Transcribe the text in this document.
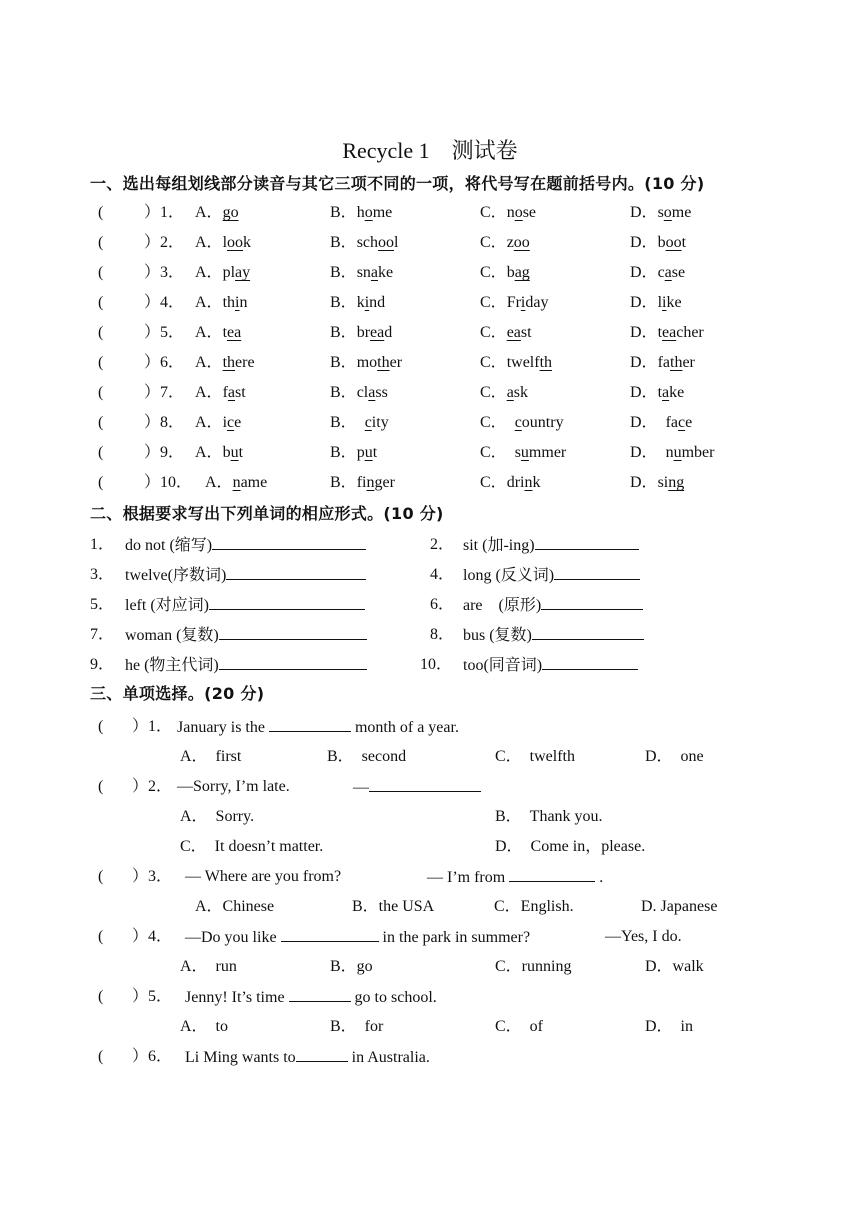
Recycle 1　测试卷
一、选出每组划线部分读音与其它三项不同的一项，将代号写在题前括号内。(10 分)
(	）1． A．go	B．home	C．nose	D．some
(	）2． A．look	B．school	C．zoo	D．boot
(	）3． A．play	B．snake	C．bag	D．case
(	）4． A．thin	B．kind	C．Friday	D．like
(	）5． A．tea	B．bread	C．east	D．teacher
(	）6． A．there	B．mother	C．twelfth	D．father
(	）7． A．fast	B．class	C．ask	D．take
(	）8． A．ice	B． city	C． country	D．  face
(	）9． A．but	B．put	C．  summer	D．  number
(	）10． A．name	B．finger	C．drink	D．sing
二、根据要求写出下列单词的相应形式。(10 分)
1． do not (缩写)	2． sit (加-ing)
3． twelve(序数词)	4． long (反义词)
5． left (对应词)	6． are　(原形)
7． woman (复数)	8． bus (复数)
9． he (物主代词)	10． too(同音词)
三、单项选择。(20 分)
( ）1． January is the	month of a year.
A．　first	B．　second	C．　twelfth	D．　one
( ）2． —Sorry, I’m late.	—
A．　Sorry.	B．　Thank you.
C．　It doesn’t matter.	D．　Come in，please.
( ）3． — Where are you from?	— I’m from	.
A．Chinese	B．the USA	C．English.	D. Japanese
( ）4． —Do you like	in the park in summer?	—Yes, I do.
A．　run	B．go	C．running	D．walk
( ）5． Jenny! It’s time	go to school.
A．　to	B．　for	C．　of	D．　in
( ）6． Li Ming wants to	in Australia.
